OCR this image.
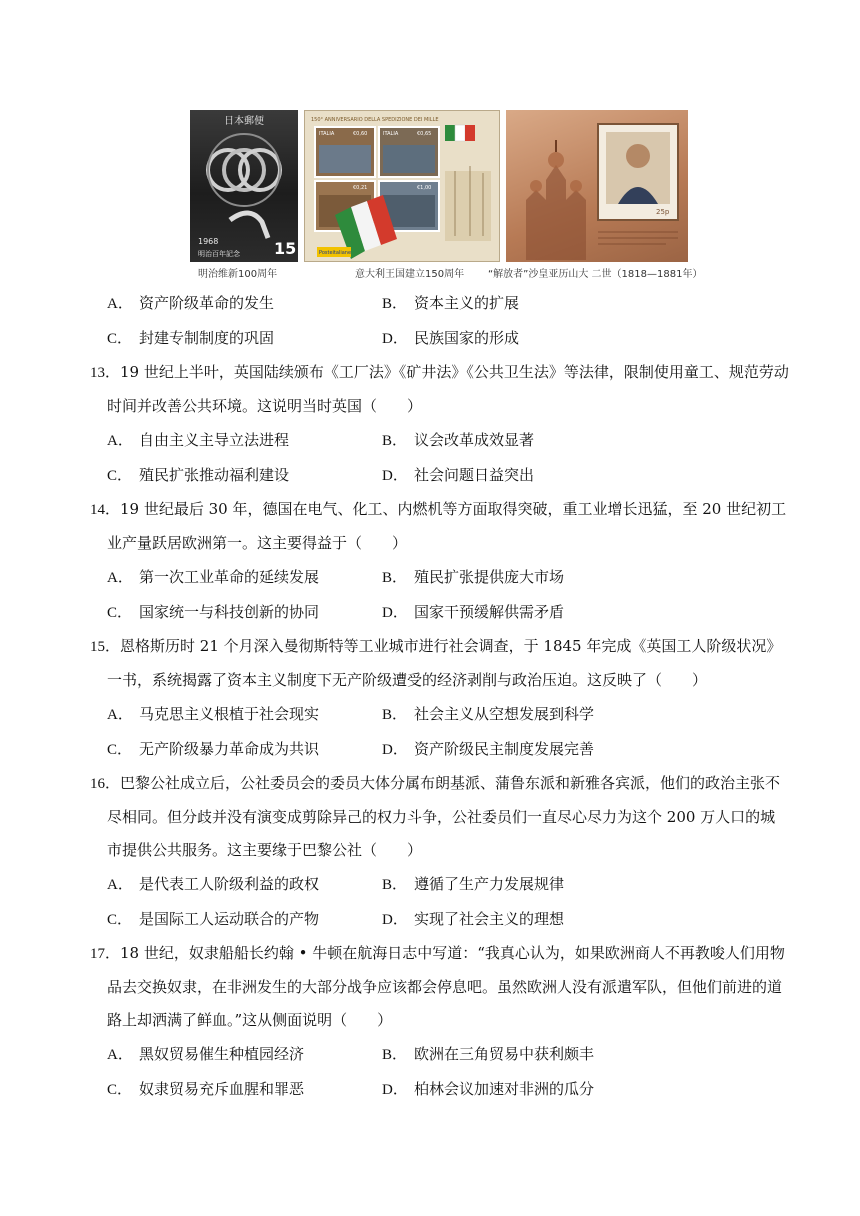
日本郵便
1968
明治百年記念 15
150° ANNIVERSARIO DELLA SPEDIZIONE DEI MILLE
ITALIA	€0,60	ITALIA	€0,65
€0,21	€1,00
Posteitaliane
25р
明治维新100周年	意大利王国建立150周年 “解放者”沙皇亚历山大 二世（1818—1881年）
A． 资产阶级革命的发生	B． 资本主义的扩展
C． 封建专制制度的巩固	D． 民族国家的形成
13．19 世纪上半叶，英国陆续颁布《工厂法》《矿井法》《公共卫生法》等法律，限制使用童工、规范劳动时间并改善公共环境。这说明当时英国（　　）
A． 自由主义主导立法进程	B． 议会改革成效显著
C． 殖民扩张推动福利建设	D． 社会问题日益突出
14．19 世纪最后 30 年，德国在电气、化工、内燃机等方面取得突破，重工业增长迅猛，至 20 世纪初工业产量跃居欧洲第一。这主要得益于（　　）
A． 第一次工业革命的延续发展	B． 殖民扩张提供庞大市场
C． 国家统一与科技创新的协同	D． 国家干预缓解供需矛盾
15．恩格斯历时 21 个月深入曼彻斯特等工业城市进行社会调查，于 1845 年完成《英国工人阶级状况》一书，系统揭露了资本主义制度下无产阶级遭受的经济剥削与政治压迫。这反映了（　　）
A． 马克思主义根植于社会现实	B． 社会主义从空想发展到科学
C． 无产阶级暴力革命成为共识	D． 资产阶级民主制度发展完善
16．巴黎公社成立后，公社委员会的委员大体分属布朗基派、蒲鲁东派和新雅各宾派，他们的政治主张不尽相同。但分歧并没有演变成剪除异己的权力斗争，公社委员们一直尽心尽力为这个 200 万人口的城市提供公共服务。这主要缘于巴黎公社（　　）
A． 是代表工人阶级利益的政权	B． 遵循了生产力发展规律
C． 是国际工人运动联合的产物	D． 实现了社会主义的理想
17．18 世纪，奴隶船船长约翰 • 牛顿在航海日志中写道：“我真心认为，如果欧洲商人不再教唆人们用物品去交换奴隶，在非洲发生的大部分战争应该都会停息吧。虽然欧洲人没有派遣军队，但他们前进的道路上却洒满了鲜血。”这从侧面说明（　　）
A． 黑奴贸易催生种植园经济	B． 欧洲在三角贸易中获利颇丰
C． 奴隶贸易充斥血腥和罪恶	D． 柏林会议加速对非洲的瓜分
